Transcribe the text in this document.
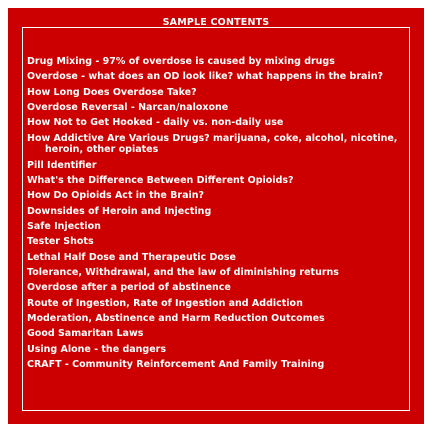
SAMPLE CONTENTS
Drug Mixing - 97% of overdose is caused by mixing drugs
Overdose - what does an OD look like? what happens in the brain?
How Long Does Overdose Take?
Overdose Reversal - Narcan/naloxone
How Not to Get Hooked - daily vs. non-daily use
How Addictive Are Various Drugs? marijuana, coke, alcohol, nicotine, heroin, other opiates
Pill Identifier
What's the Difference Between Different Opioids?
How Do Opioids Act in the Brain?
Downsides of Heroin and Injecting
Safe Injection
Tester Shots
Lethal Half Dose and Therapeutic Dose
Tolerance, Withdrawal, and the law of diminishing returns
Overdose after a period of abstinence
Route of Ingestion, Rate of Ingestion and Addiction
Moderation, Abstinence and Harm Reduction Outcomes
Good Samaritan Laws
Using Alone - the dangers
CRAFT - Community Reinforcement And Family Training
